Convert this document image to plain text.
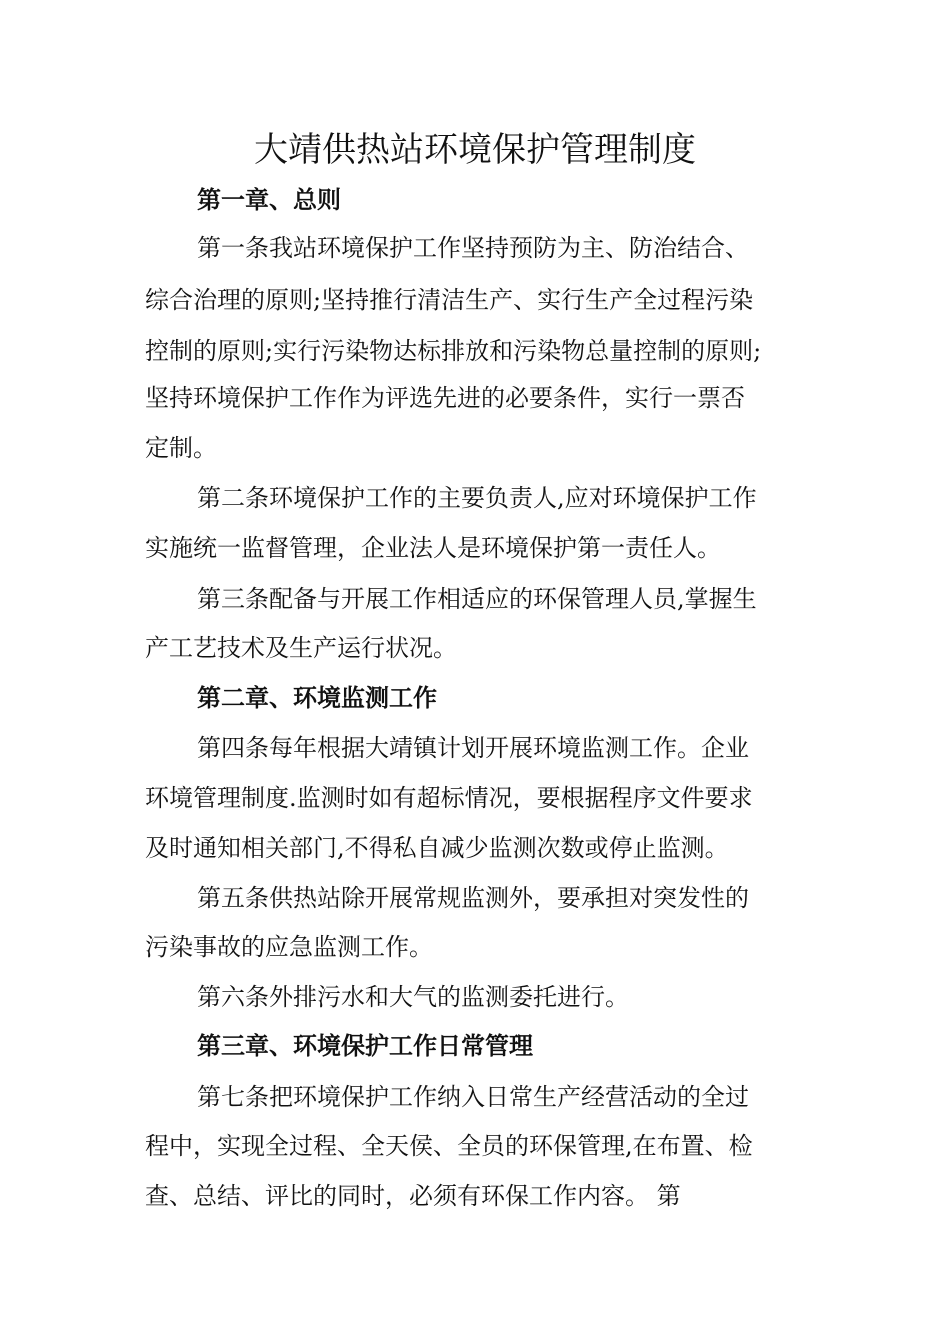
大靖供热站环境保护管理制度
第一章、总则
第一条我站环境保护工作坚持预防为主、防治结合、
综合治理的原则;坚持推行清洁生产、实行生产全过程污染
控制的原则;实行污染物达标排放和污染物总量控制的原则;
坚持环境保护工作作为评选先进的必要条件，实行一票否
定制。
第二条环境保护工作的主要负责人,应对环境保护工作
实施统一监督管理，企业法人是环境保护第一责任人。
第三条配备与开展工作相适应的环保管理人员,掌握生
产工艺技术及生产运行状况。
第二章、环境监测工作
第四条每年根据大靖镇计划开展环境监测工作。企业
环境管理制度.监测时如有超标情况，要根据程序文件要求
及时通知相关部门,不得私自减少监测次数或停止监测。
第五条供热站除开展常规监测外，要承担对突发性的
污染事故的应急监测工作。
第六条外排污水和大气的监测委托进行。
第三章、环境保护工作日常管理
第七条把环境保护工作纳入日常生产经营活动的全过
程中，实现全过程、全天侯、全员的环保管理,在布置、检
查、总结、评比的同时，必须有环保工作内容。 第
